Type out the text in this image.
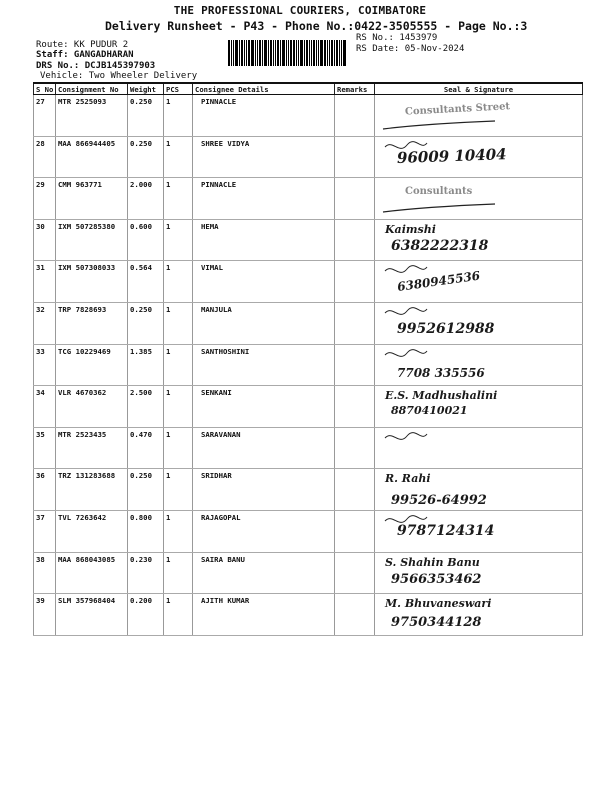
THE PROFESSIONAL COURIERS, COIMBATORE
Delivery Runsheet - P43 - Phone No.:0422-3505555 - Page No.:3
Route: KK PUDUR 2
Staff: GANGADHARAN
DRS No.: DCJB145397903
Vehicle: Two Wheeler Delivery
RS No.: 1453979
RS Date: 05-Nov-2024
S No	Consignment No	Weight	PCS	Consignee Details	Remarks	Seal & Signature
27	MTR 2525093	0.250	1	PINNACLE		Consultants Street

28	MAA 866944405	0.250	1	SHREE VIDYA		96009 10404

29	CMM 963771	2.000	1	PINNACLE		Consultants

30	IXM 507285380	0.600	1	HEMA		Kaimshi
6382222318

31	IXM 507308033	0.564	1	VIMAL		6380945536

32	TRP 7828693	0.250	1	MANJULA		9952612988

33	TCG 10229469	1.385	1	SANTHOSHINI		7708 335556

34	VLR 4670362	2.500	1	SENKANI		E.S. Madhushalini
8870410021

35	MTR 2523435	0.470	1	SARAVANAN		

36	TRZ 131283688	0.250	1	SRIDHAR		R. Rahi
99526-64992

37	TVL 7263642	0.800	1	RAJAGOPAL		9787124314

38	MAA 868043085	0.230	1	SAIRA BANU		S. Shahin Banu
9566353462

39	SLM 357968404	0.200	1	AJITH KUMAR		M. Bhuvaneswari
9750344128
